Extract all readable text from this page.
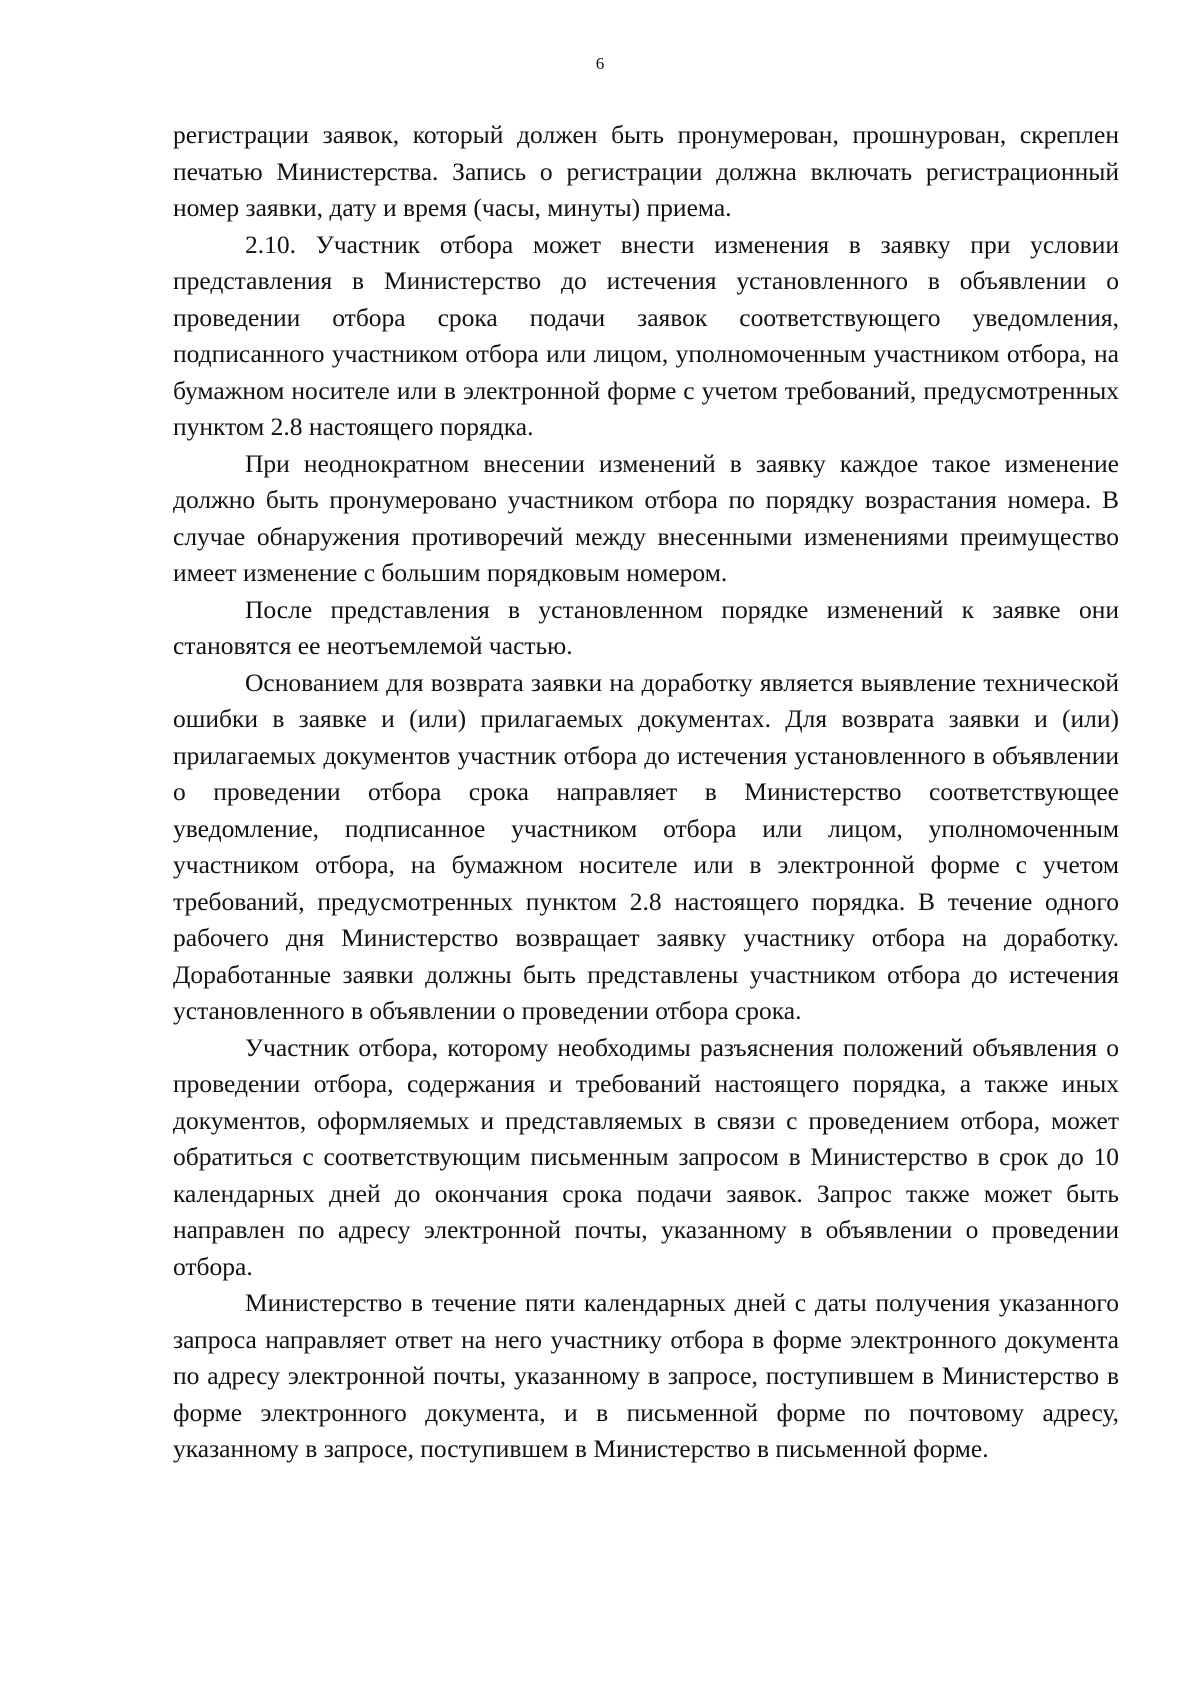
6

регистрации заявок, который должен быть пронумерован, прошнурован, скреплен печатью Министерства. Запись о регистрации должна включать регистрационный номер заявки, дату и время (часы, минуты) приема.

2.10. Участник отбора может внести изменения в заявку при условии представления в Министерство до истечения установленного в объявлении о проведении отбора срока подачи заявок соответствующего уведомления, подписанного участником отбора или лицом, уполномоченным участником отбора, на бумажном носителе или в электронной форме с учетом требований, предусмотренных пунктом 2.8 настоящего порядка.

При неоднократном внесении изменений в заявку каждое такое изменение должно быть пронумеровано участником отбора по порядку возрастания номера. В случае обнаружения противоречий между внесенными изменениями преимущество имеет изменение с большим порядковым номером.

После представления в установленном порядке изменений к заявке они становятся ее неотъемлемой частью.

Основанием для возврата заявки на доработку является выявление технической ошибки в заявке и (или) прилагаемых документах. Для возврата заявки и (или) прилагаемых документов участник отбора до истечения установленного в объявлении о проведении отбора срока направляет в Министерство соответствующее уведомление, подписанное участником отбора или лицом, уполномоченным участником отбора, на бумажном носителе или в электронной форме с учетом требований, предусмотренных пунктом 2.8 настоящего порядка. В течение одного рабочего дня Министерство возвращает заявку участнику отбора на доработку. Доработанные заявки должны быть представлены участником отбора до истечения установленного в объявлении о проведении отбора срока.

Участник отбора, которому необходимы разъяснения положений объявления о проведении отбора, содержания и требований настоящего порядка, а также иных документов, оформляемых и представляемых в связи с проведением отбора, может обратиться с соответствующим письменным запросом в Министерство в срок до 10 календарных дней до окончания срока подачи заявок. Запрос также может быть направлен по адресу электронной почты, указанному в объявлении о проведении отбора.

Министерство в течение пяти календарных дней с даты получения указанного запроса направляет ответ на него участнику отбора в форме электронного документа по адресу электронной почты, указанному в запросе, поступившем в Министерство в форме электронного документа, и в письменной форме по почтовому адресу, указанному в запросе, поступившем в Министерство в письменной форме.
